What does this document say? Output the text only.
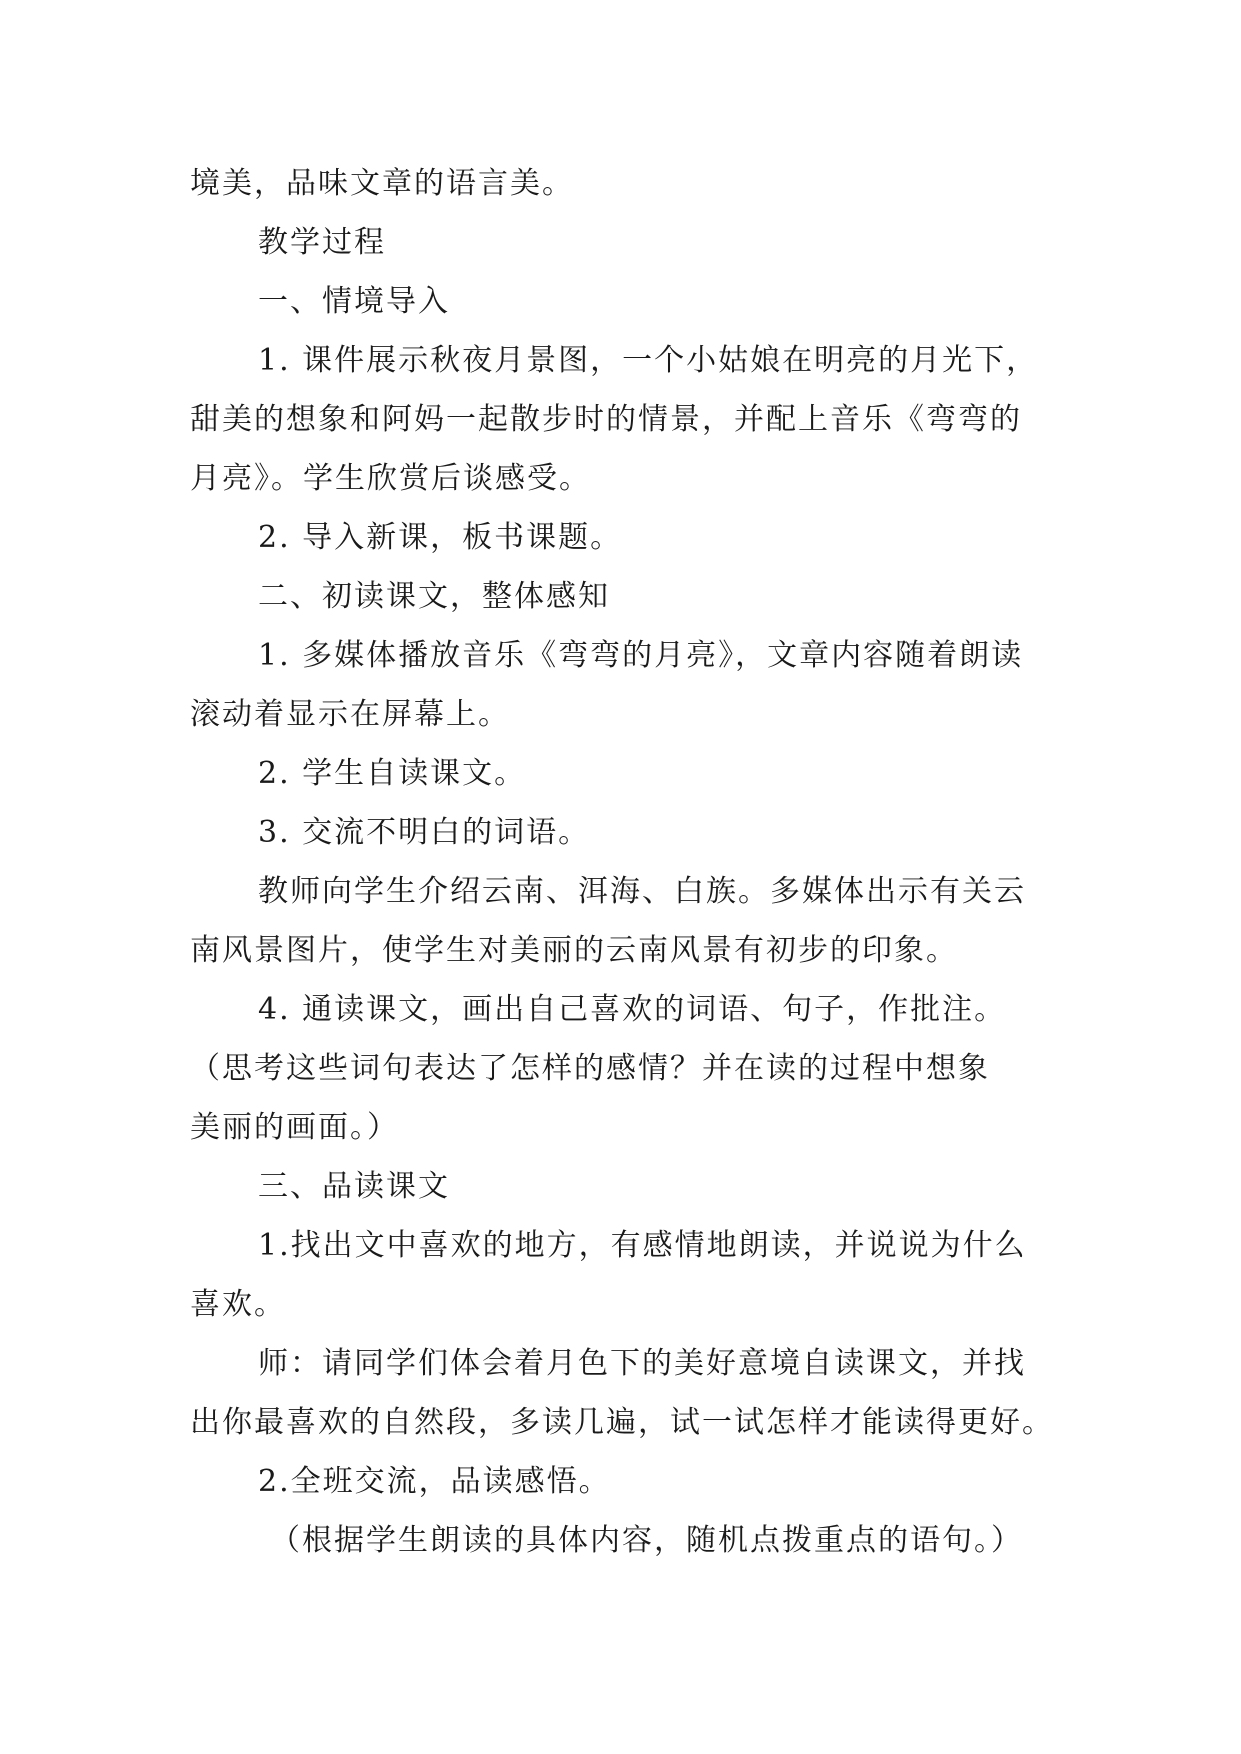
境美，品味文章的语言美。
教学过程
一、情境导入
1. 课件展示秋夜月景图，一个小姑娘在明亮的月光下，
甜美的想象和阿妈一起散步时的情景，并配上音乐《弯弯的
月亮》。学生欣赏后谈感受。
2. 导入新课，板书课题。
二、初读课文，整体感知
1. 多媒体播放音乐《弯弯的月亮》，文章内容随着朗读
滚动着显示在屏幕上。
2. 学生自读课文。
3. 交流不明白的词语。
教师向学生介绍云南、洱海、白族。多媒体出示有关云
南风景图片，使学生对美丽的云南风景有初步的印象。
4. 通读课文，画出自己喜欢的词语、句子，作批注。
（思考这些词句表达了怎样的感情？并在读的过程中想象
美丽的画面。）
三、品读课文
1.找出文中喜欢的地方，有感情地朗读，并说说为什么
喜欢。
师：请同学们体会着月色下的美好意境自读课文，并找
出你最喜欢的自然段，多读几遍，试一试怎样才能读得更好。
2.全班交流，品读感悟。
（根据学生朗读的具体内容，随机点拨重点的语句。）
